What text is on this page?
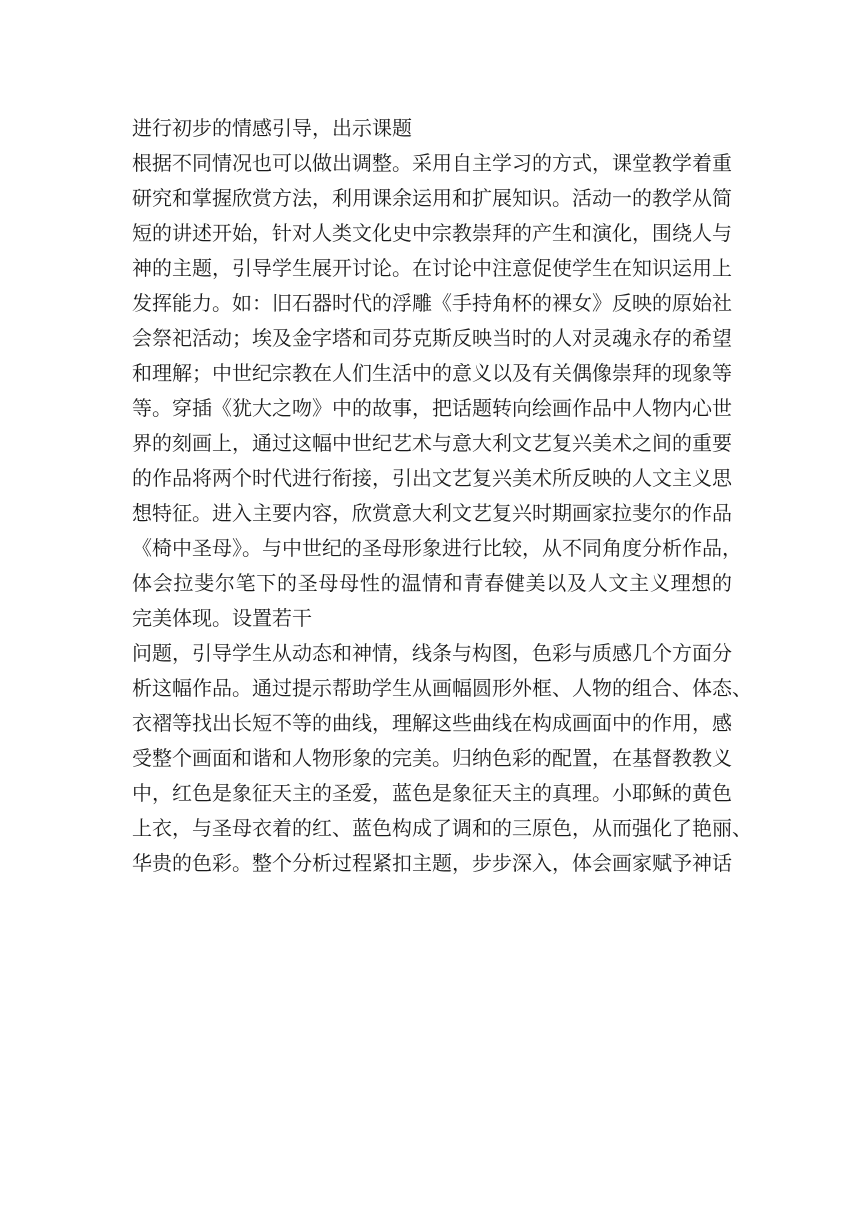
进行初步的情感引导，出示课题
根据不同情况也可以做出调整。采用自主学习的方式，课堂教学着重
研究和掌握欣赏方法，利用课余运用和扩展知识。活动一的教学从简
短的讲述开始，针对人类文化史中宗教崇拜的产生和演化，围绕人与
神的主题，引导学生展开讨论。在讨论中注意促使学生在知识运用上
发挥能力。如：旧石器时代的浮雕《手持角杯的裸女》反映的原始社
会祭祀活动；埃及金字塔和司芬克斯反映当时的人对灵魂永存的希望
和理解；中世纪宗教在人们生活中的意义以及有关偶像崇拜的现象等
等。穿插《犹大之吻》中的故事，把话题转向绘画作品中人物内心世
界的刻画上，通过这幅中世纪艺术与意大利文艺复兴美术之间的重要
的作品将两个时代进行衔接，引出文艺复兴美术所反映的人文主义思
想特征。进入主要内容，欣赏意大利文艺复兴时期画家拉斐尔的作品
《椅中圣母》。与中世纪的圣母形象进行比较，从不同角度分析作品，
体会拉斐尔笔下的圣母母性的温情和青春健美以及人文主义理想的
完美体现。设置若干
问题，引导学生从动态和神情，线条与构图，色彩与质感几个方面分
析这幅作品。通过提示帮助学生从画幅圆形外框、人物的组合、体态、
衣褶等找出长短不等的曲线，理解这些曲线在构成画面中的作用，感
受整个画面和谐和人物形象的完美。归纳色彩的配置，在基督教教义
中，红色是象征天主的圣爱，蓝色是象征天主的真理。小耶稣的黄色
上衣，与圣母衣着的红、蓝色构成了调和的三原色，从而强化了艳丽、
华贵的色彩。整个分析过程紧扣主题，步步深入，体会画家赋予神话
